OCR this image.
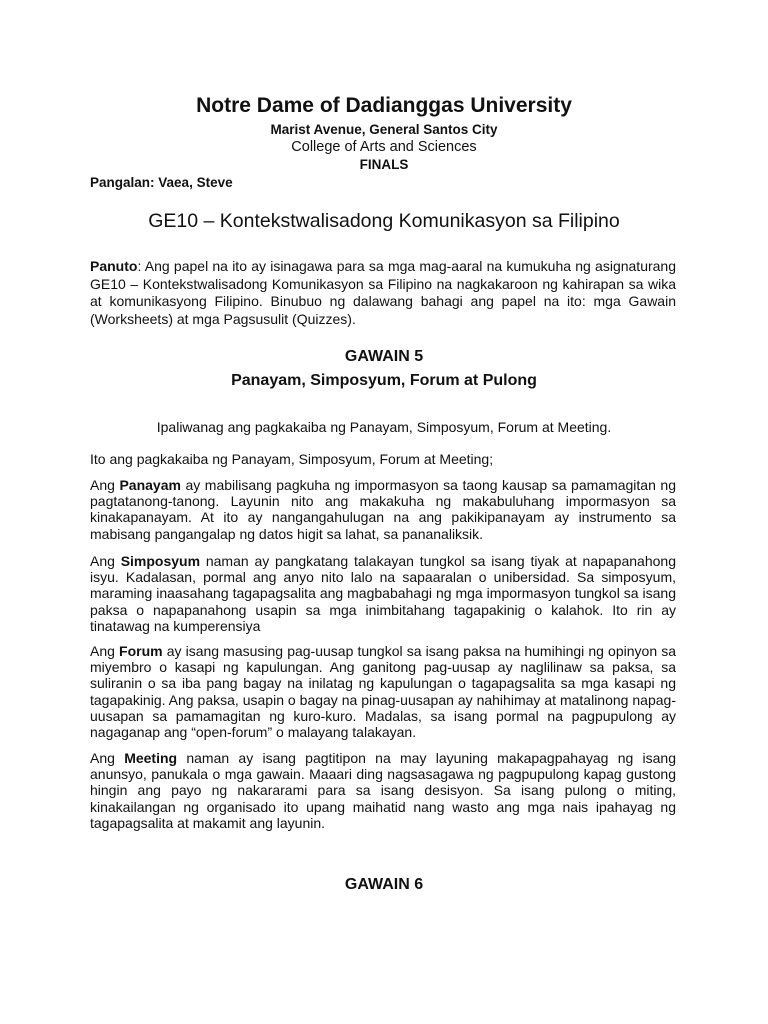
Notre Dame of Dadianggas University
Marist Avenue, General Santos City
College of Arts and Sciences
FINALS
Pangalan: Vaea, Steve
GE10 – Kontekstwalisadong Komunikasyon sa Filipino
Panuto: Ang papel na ito ay isinagawa para sa mga mag-aaral na kumukuha ng asignaturang GE10 – Kontekstwalisadong Komunikasyon sa Filipino na nagkakaroon ng kahirapan sa wika at komunikasyong Filipino. Binubuo ng dalawang bahagi ang papel na ito: mga Gawain (Worksheets) at mga Pagsusulit (Quizzes).
GAWAIN 5
Panayam, Simposyum, Forum at Pulong
Ipaliwanag ang pagkakaiba ng Panayam, Simposyum, Forum at Meeting.
Ito ang pagkakaiba ng Panayam, Simposyum, Forum at Meeting;
Ang Panayam ay mabilisang pagkuha ng impormasyon sa taong kausap sa pamamagitan ng pagtatanong-tanong. Layunin nito ang makakuha ng makabuluhang impormasyon sa kinakapanayam. At ito ay nangangahulugan na ang pakikipanayam ay instrumento sa mabisang pangangalap ng datos higit sa lahat, sa pananaliksik.
Ang Simposyum naman ay pangkatang talakayan tungkol sa isang tiyak at napapanahong isyu. Kadalasan, pormal ang anyo nito lalo na sapaaralan o unibersidad. Sa simposyum, maraming inaasahang tagapagsalita ang magbabahagi ng mga impormasyon tungkol sa isang paksa o napapanahong usapin sa mga inimbitahang tagapakinig o kalahok. Ito rin ay tinatawag na kumperensiya
Ang Forum ay isang masusing pag-uusap tungkol sa isang paksa na humihingi ng opinyon sa miyembro o kasapi ng kapulungan. Ang ganitong pag-uusap ay naglilinaw sa paksa, sa suliranin o sa iba pang bagay na inilatag ng kapulungan o tagapagsalita sa mga kasapi ng tagapakinig. Ang paksa, usapin o bagay na pinag-uusapan ay nahihimay at matalinong napag-uusapan sa pamamagitan ng kuro-kuro. Madalas, sa isang pormal na pagpupulong ay nagaganap ang “open-forum” o malayang talakayan.
Ang Meeting naman ay isang pagtitipon na may layuning makapagpahayag ng isang anunsyo, panukala o mga gawain. Maaari ding nagsasagawa ng pagpupulong kapag gustong hingin ang payo ng nakararami para sa isang desisyon. Sa isang pulong o miting, kinakailangan ng organisado ito upang maihatid nang wasto ang mga nais ipahayag ng tagapagsalita at makamit ang layunin.
GAWAIN 6
